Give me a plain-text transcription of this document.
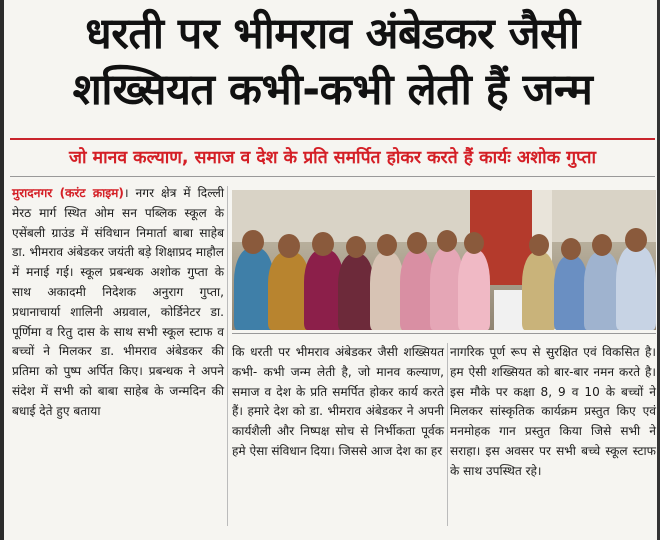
धरती पर भीमराव अंबेडकर जैसी
शख्सियत कभी-कभी लेती हैं जन्म
जो मानव कल्याण, समाज व देश के प्रति समर्पित होकर करते हैं कार्यः अशोक गुप्ता
मुरादनगर (करंट क्राइम)। नगर क्षेत्र में दिल्ली मेरठ मार्ग स्थित ओम सन पब्लिक स्कूल के एसेंबली ग्राउंड में संविधान निमार्ता बाबा साहेब डा. भीमराव अंबेडकर जयंती बड़े शिक्षाप्रद माहौल में मनाई गई। स्कूल प्रबन्धक अशोक गुप्ता के साथ अकादमी निदेशक अनुराग गुप्ता, प्रधानाचार्या शालिनी अग्रवाल, कोर्डिनेटर डा. पूर्णिमा व रितु दास के साथ सभी स्कूल स्टाफ व बच्चों ने मिलकर डा. भीमराव अंबेडकर की प्रतिमा को पुष्प अर्पित किए। प्रबन्धक ने अपने संदेश में सभी को बाबा साहेब के जन्मदिन की बधाई देते हुए बताया
कि धरती पर भीमराव अंबेडकर जैसी शख्सियत कभी- कभी जन्म लेती है, जो मानव कल्याण, समाज व देश के प्रति समर्पित होकर कार्य करते हैं। हमारे देश को डा. भीमराव अंबेडकर ने अपनी कार्यशैली और निष्पक्ष सोच से निर्भीकता पूर्वक हमे ऐसा संविधान दिया। जिससे आज देश का हर
नागरिक पूर्ण रूप से सुरक्षित एवं विकसित है। हम ऐसी शख्सियत को बार-बार नमन करते है। इस मौके पर कक्षा 8, 9 व 10 के बच्चों ने मिलकर सांस्कृतिक कार्यक्रम प्रस्तुत किए एवं मनमोहक गान प्रस्तुत किया जिसे सभी ने सराहा। इस अवसर पर सभी बच्चे स्कूल स्टाफ के साथ उपस्थित रहे।
